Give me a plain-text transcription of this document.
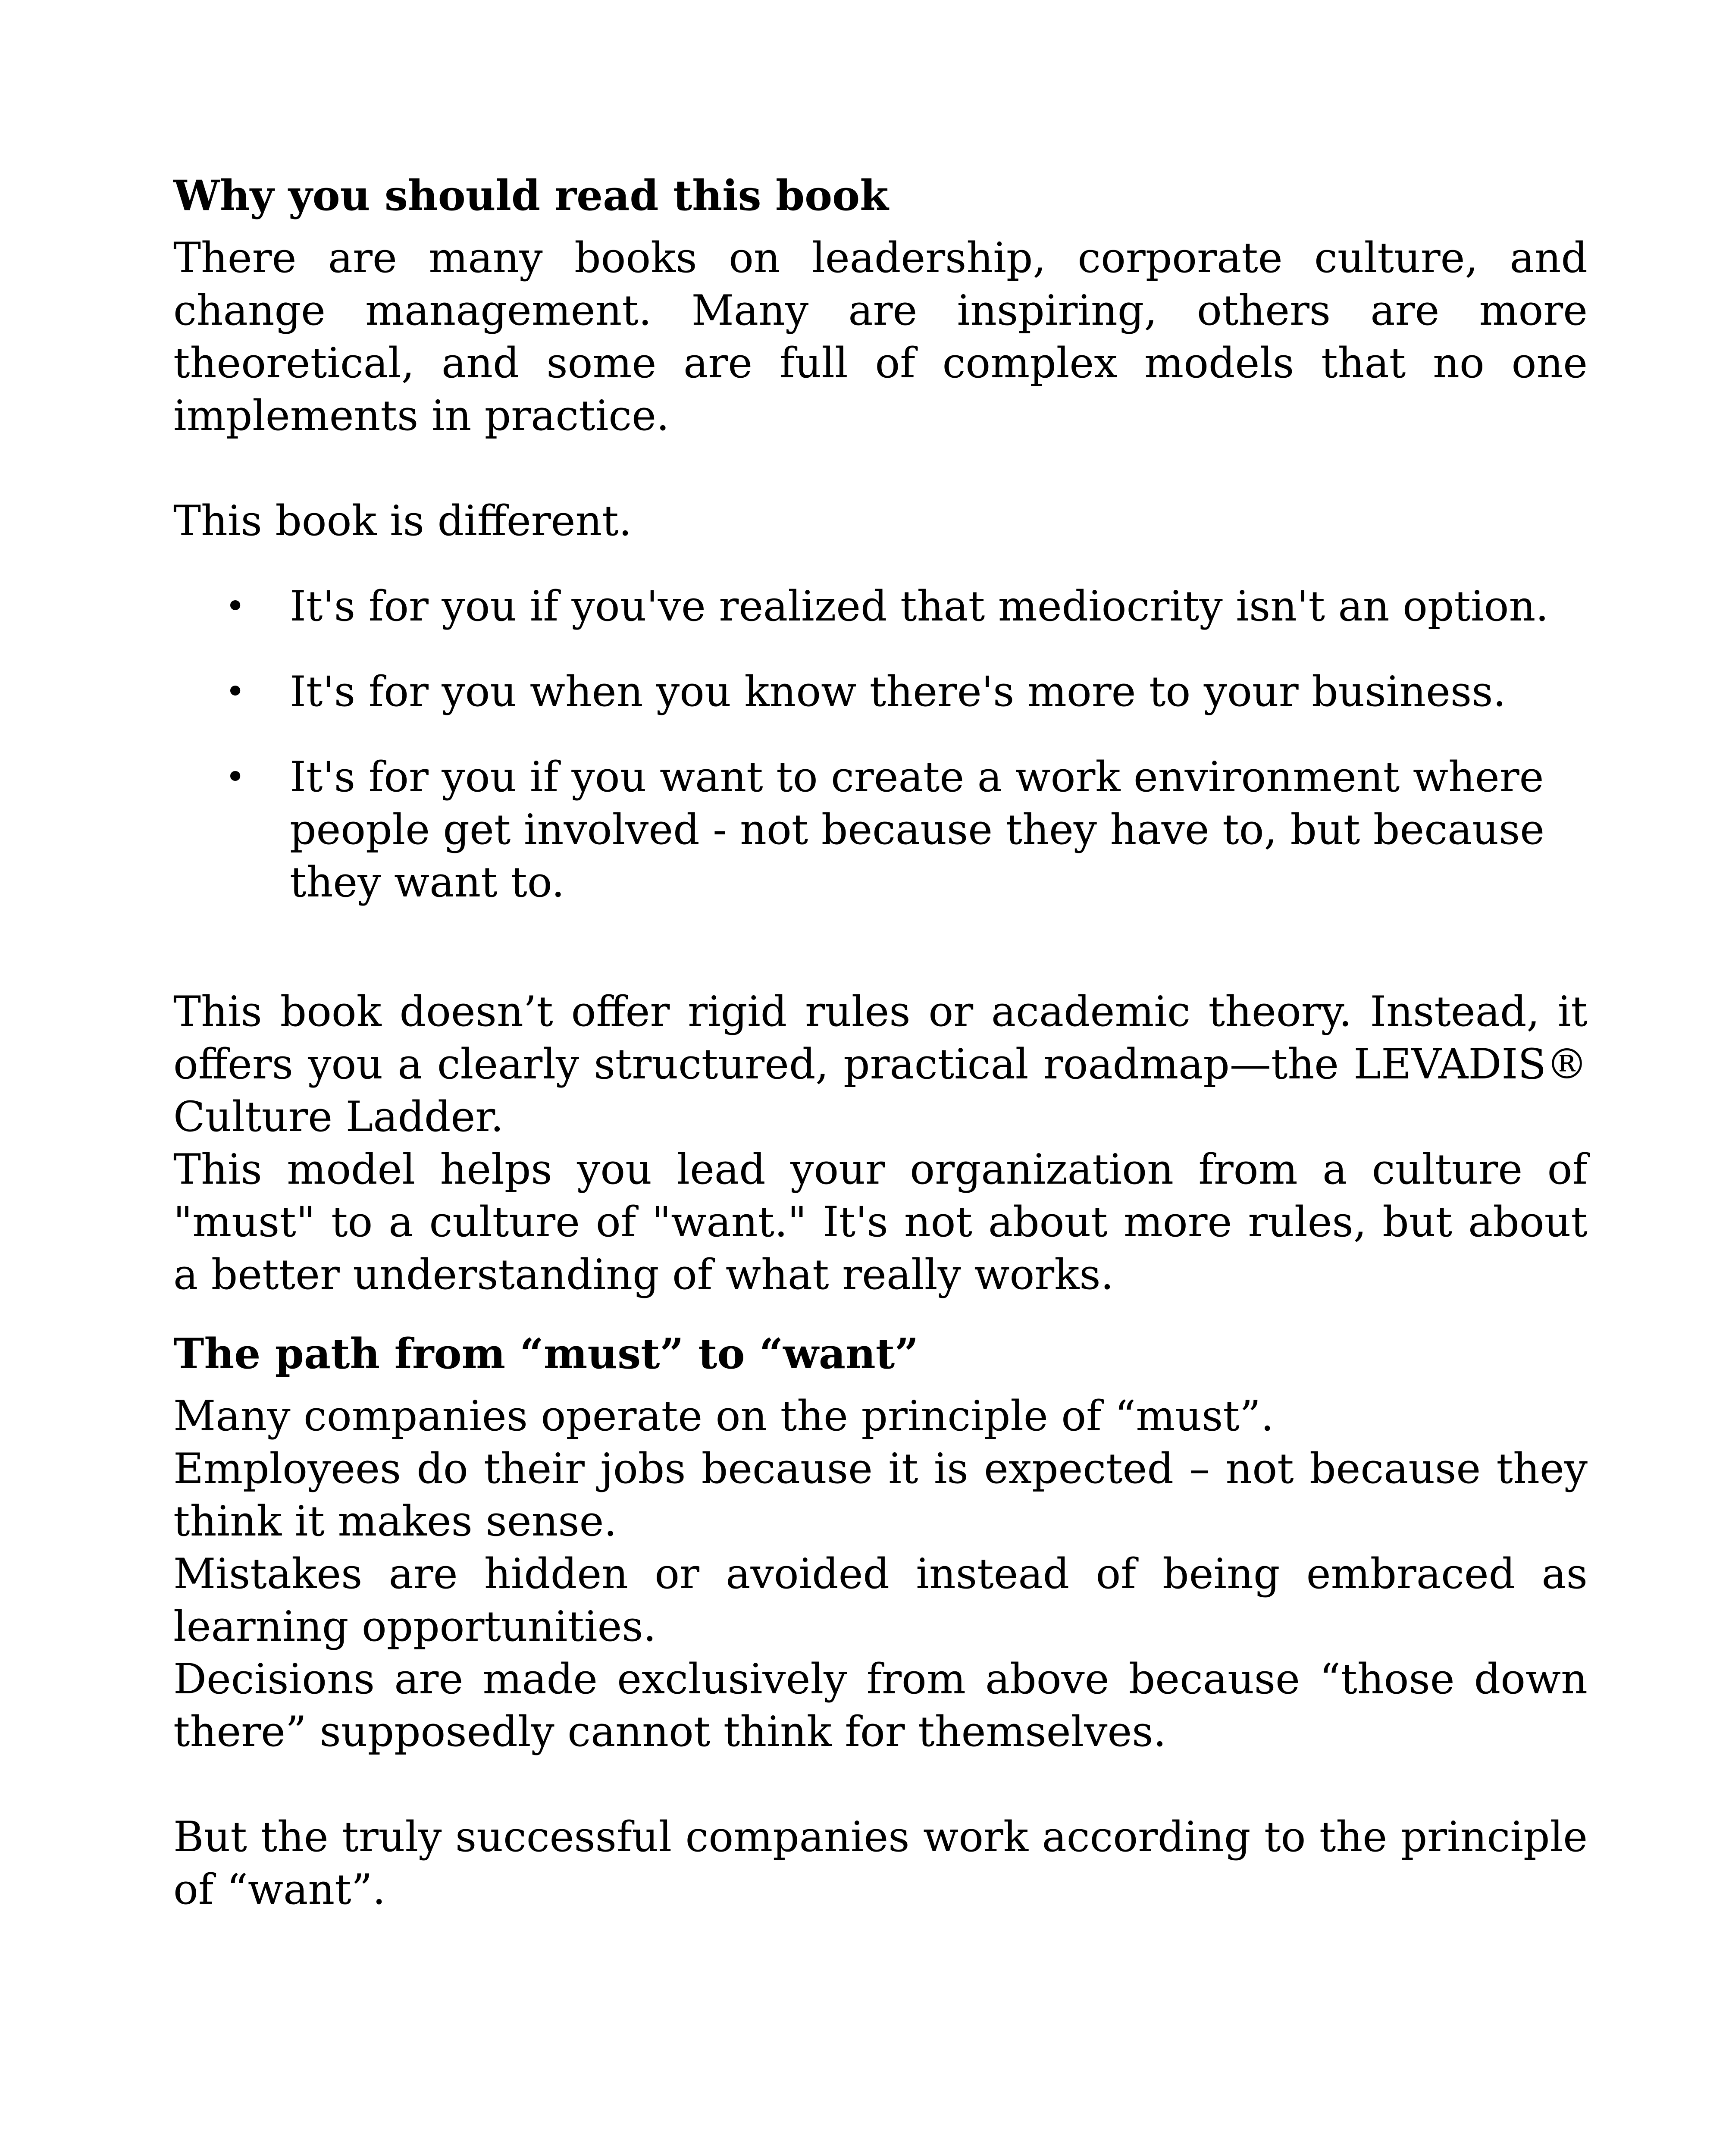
Why you should read this book

There are many books on leadership, corporate culture, and change management. Many are inspiring, others are more theoretical, and some are full of complex models that no one implements in practice.

This book is different.

• It's for you if you've realized that mediocrity isn't an option.
• It's for you when you know there's more to your business.
• It's for you if you want to create a work environment where people get involved - not because they have to, but because they want to.

This book doesn’t offer rigid rules or academic theory. Instead, it offers you a clearly structured, practical roadmap—the LEVADIS® Culture Ladder.

This model helps you lead your organization from a culture of "must" to a culture of "want." It's not about more rules, but about a better understanding of what really works.

The path from “must” to “want”

Many companies operate on the principle of “must”.

Employees do their jobs because it is expected – not because they think it makes sense.

Mistakes are hidden or avoided instead of being embraced as learning opportunities.

Decisions are made exclusively from above because “those down there” supposedly cannot think for themselves.

But the truly successful companies work according to the principle of “want”.
